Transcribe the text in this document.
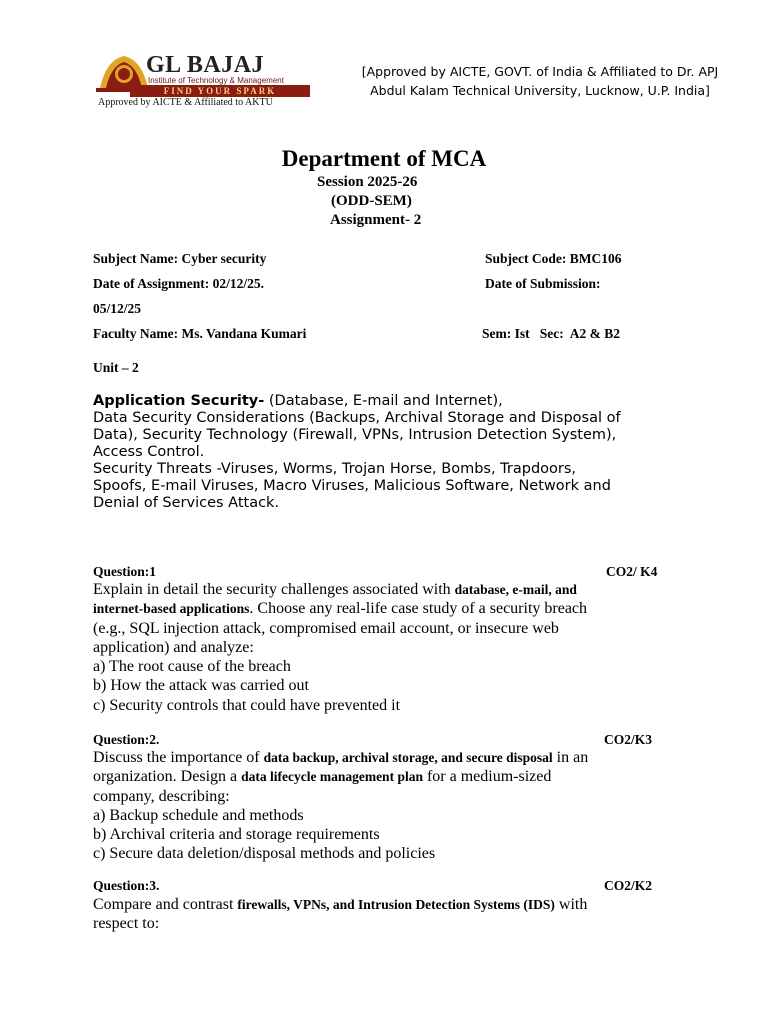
GL BAJAJ
Institute of Technology & Management
FIND YOUR SPARK
Approved by AICTE & Affiliated to AKTU
[Approved by AICTE, GOVT. of India & Affiliated to Dr. APJ
Abdul Kalam Technical University, Lucknow, U.P. India]
Department of MCA
Session 2025-26
(ODD-SEM)
Assignment- 2
Subject Name: Cyber security	Subject Code: BMC106
Date of Assignment: 02/12/25.	Date of Submission:
05/12/25
Faculty Name: Ms. Vandana Kumari	Sem: Ist   Sec:  A2 & B2
Unit – 2
Application Security- (Database, E-mail and Internet),
Data Security Considerations (Backups, Archival Storage and Disposal of
Data), Security Technology (Firewall, VPNs, Intrusion Detection System),
Access Control.
Security Threats -Viruses, Worms, Trojan Horse, Bombs, Trapdoors,
Spoofs, E-mail Viruses, Macro Viruses, Malicious Software, Network and
Denial of Services Attack.
Question:1	CO2/ K4
Explain in detail the security challenges associated with database, e-mail, and
internet-based applications. Choose any real-life case study of a security breach
(e.g., SQL injection attack, compromised email account, or insecure web
application) and analyze:
a) The root cause of the breach
b) How the attack was carried out
c) Security controls that could have prevented it
Question:2.	CO2/K3
Discuss the importance of data backup, archival storage, and secure disposal in an
organization. Design a data lifecycle management plan for a medium-sized
company, describing:
a) Backup schedule and methods
b) Archival criteria and storage requirements
c) Secure data deletion/disposal methods and policies
Question:3.	CO2/K2
Compare and contrast firewalls, VPNs, and Intrusion Detection Systems (IDS) with
respect to:
